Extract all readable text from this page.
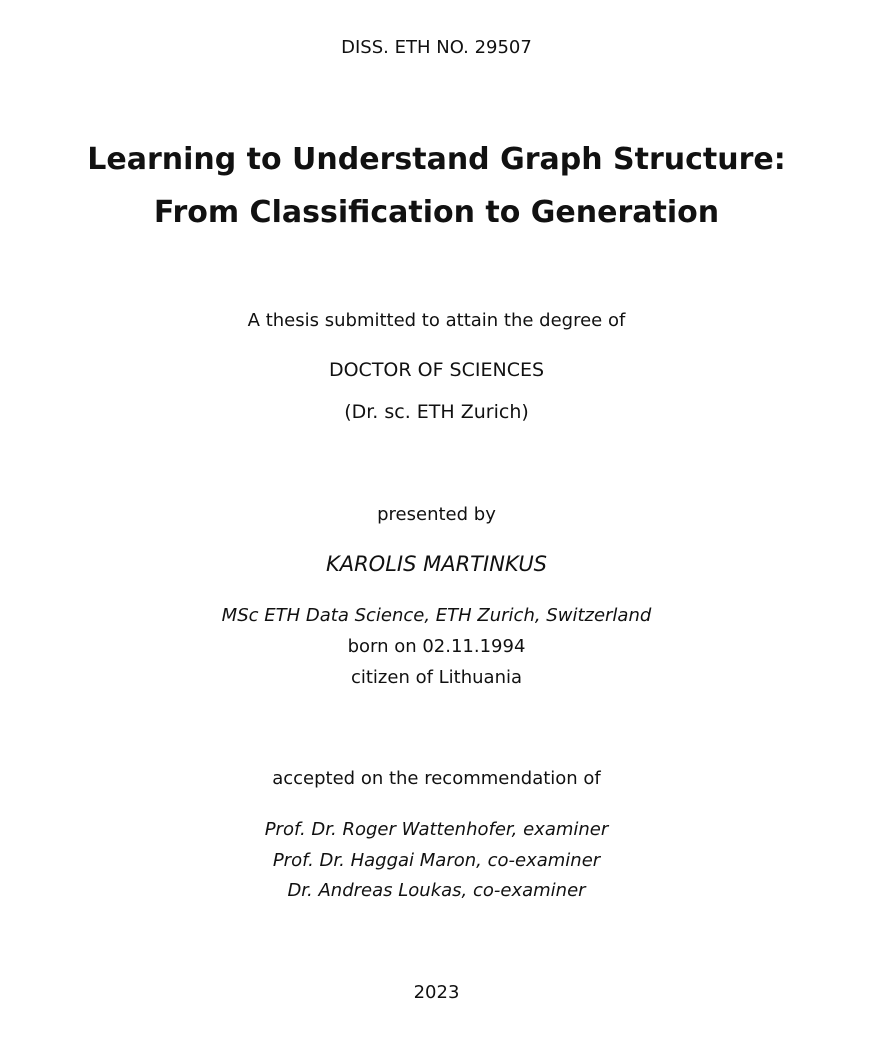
DISS. ETH NO. 29507
Learning to Understand Graph Structure:
From Classification to Generation
A thesis submitted to attain the degree of
DOCTOR OF SCIENCES
(Dr. sc. ETH Zurich)
presented by
KAROLIS MARTINKUS
MSc ETH Data Science, ETH Zurich, Switzerland
born on 02.11.1994
citizen of Lithuania
accepted on the recommendation of
Prof. Dr. Roger Wattenhofer, examiner
Prof. Dr. Haggai Maron, co-examiner
Dr. Andreas Loukas, co-examiner
2023
